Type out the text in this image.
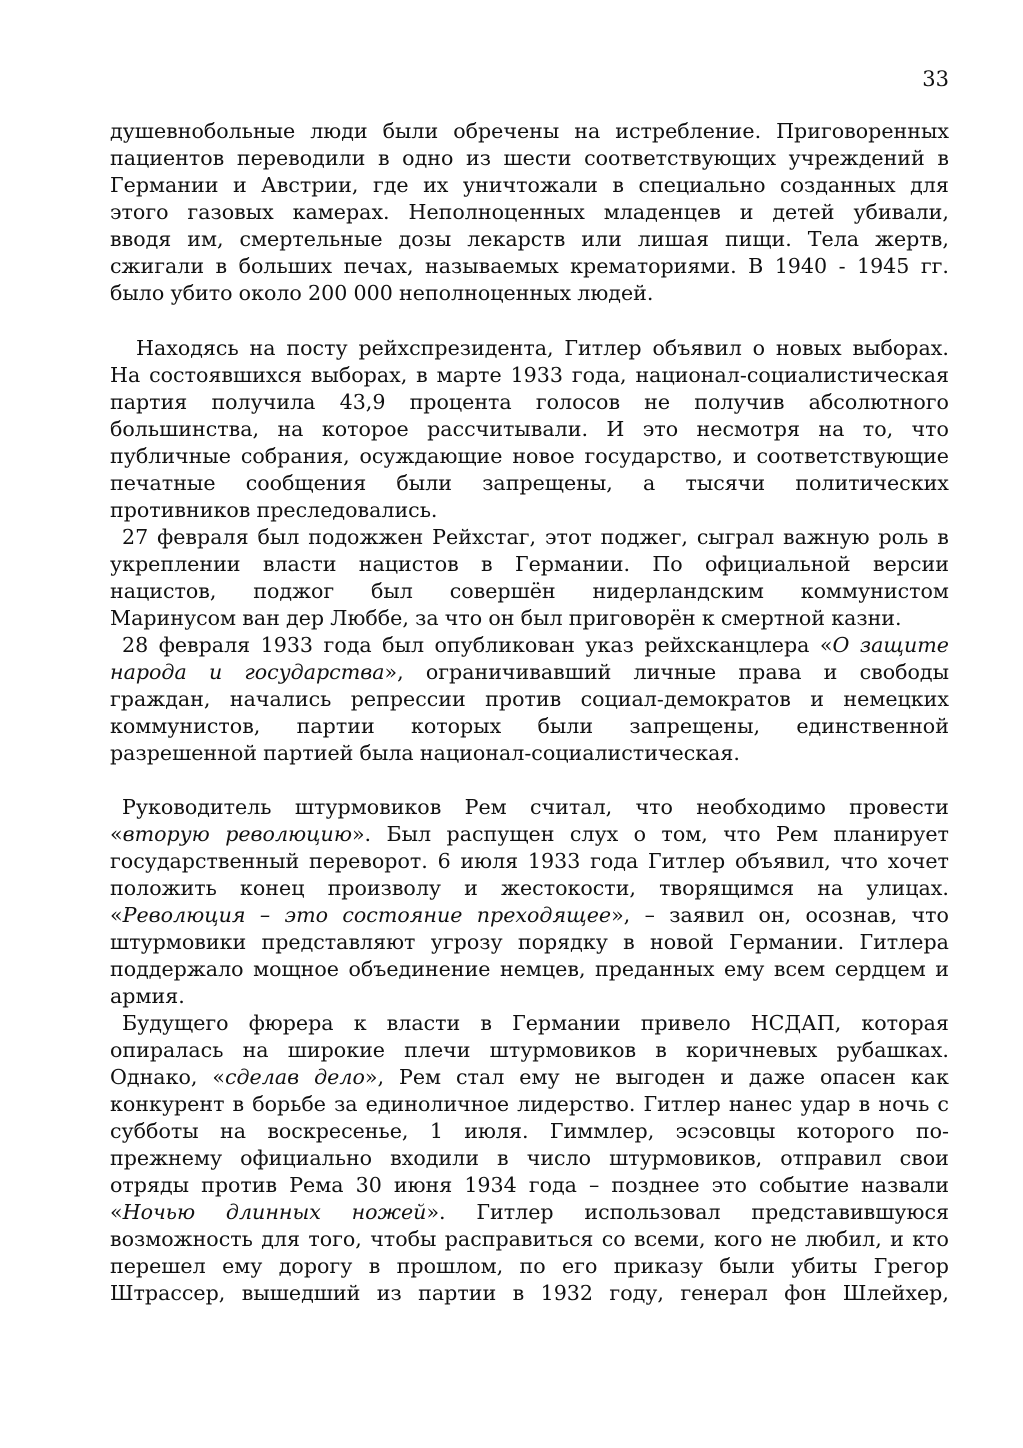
33
душевнобольные люди были обречены на истребление. Приговоренных
пациентов переводили в одно из шести соответствующих учреждений в
Германии и Австрии, где их уничтожали в специально созданных для
этого газовых камерах. Неполноценных младенцев и детей убивали,
вводя им, смертельные дозы лекарств или лишая пищи. Тела жертв,
сжигали в больших печах, называемых крематориями. В 1940 - 1945 гг.
было убито около 200 000 неполноценных людей.
Находясь на посту рейхспрезидента, Гитлер объявил о новых выборах.
На состоявшихся выборах, в марте 1933 года, национал-социалистическая
партия получила 43,9 процента голосов не получив абсолютного
большинства, на которое рассчитывали. И это несмотря на то, что
публичные собрания, осуждающие новое государство, и соответствующие
печатные сообщения были запрещены, а тысячи политических
противников преследовались.
27 февраля был подожжен Рейхстаг, этот поджег, сыграл важную роль в
укреплении власти нацистов в Германии. По официальной версии
нацистов, поджог был совершён нидерландским коммунистом
Маринусом ван дер Люббе, за что он был приговорён к смертной казни.
28 февраля 1933 года был опубликован указ рейхсканцлера «О защите
народа и государства», ограничивавший личные права и свободы
граждан, начались репрессии против социал-демократов и немецких
коммунистов, партии которых были запрещены, единственной
разрешенной партией была национал-социалистическая.
Руководитель штурмовиков Рем считал, что необходимо провести
«вторую революцию». Был распущен слух о том, что Рем планирует
государственный переворот. 6 июля 1933 года Гитлер объявил, что хочет
положить конец произволу и жестокости, творящимся на улицах.
«Революция – это состояние преходящее», – заявил он, осознав, что
штурмовики представляют угрозу порядку в новой Германии. Гитлера
поддержало мощное объединение немцев, преданных ему всем сердцем и
армия.
Будущего фюрера к власти в Германии привело НСДАП, которая
опиралась на широкие плечи штурмовиков в коричневых рубашках.
Однако, «сделав дело», Рем стал ему не выгоден и даже опасен как
конкурент в борьбе за единоличное лидерство. Гитлер нанес удар в ночь с
субботы на воскресенье, 1 июля. Гиммлер, эсэсовцы которого по-
прежнему официально входили в число штурмовиков, отправил свои
отряды против Рема 30 июня 1934 года – позднее это событие назвали
«Ночью длинных ножей». Гитлер использовал представившуюся
возможность для того, чтобы расправиться со всеми, кого не любил, и кто
перешел ему дорогу в прошлом, по его приказу были убиты Грегор
Штрассер, вышедший из партии в 1932 году, генерал фон Шлейхер,
